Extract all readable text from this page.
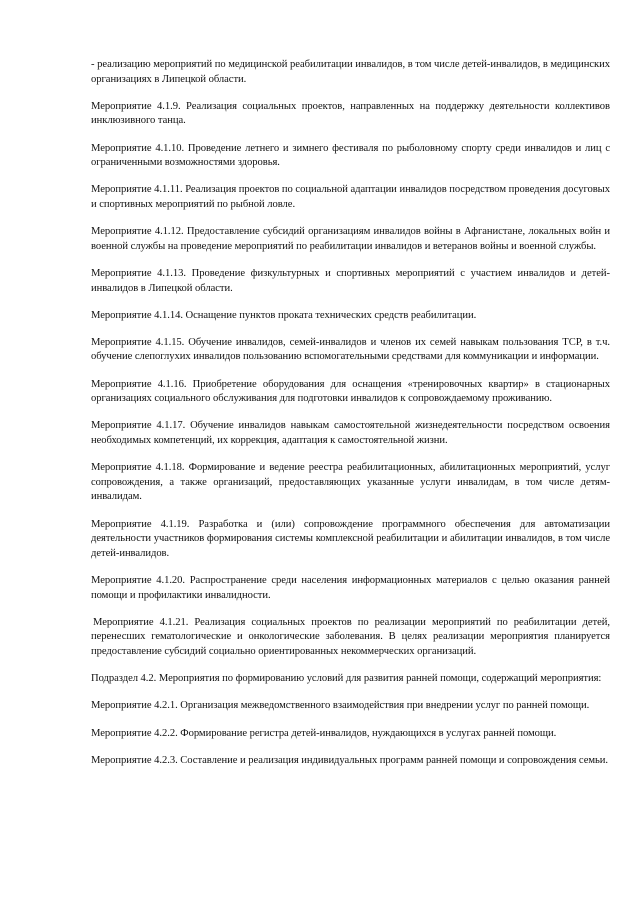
- реализацию мероприятий по медицинской реабилитации инвалидов, в том числе детей-инвалидов, в медицинских организациях в Липецкой области.

Мероприятие 4.1.9. Реализация социальных проектов, направленных на поддержку деятельности коллективов инклюзивного танца.

Мероприятие 4.1.10. Проведение летнего и зимнего фестиваля по рыболовному спорту среди инвалидов и лиц с ограниченными возможностями здоровья.

Мероприятие 4.1.11. Реализация проектов по социальной адаптации инвалидов посредством проведения досуговых и спортивных мероприятий по рыбной ловле.

Мероприятие 4.1.12. Предоставление субсидий организациям инвалидов войны в Афганистане, локальных войн и военной службы на проведение мероприятий по реабилитации инвалидов и ветеранов войны и военной службы.

Мероприятие 4.1.13. Проведение физкультурных и спортивных мероприятий с участием инвалидов и детей-инвалидов в Липецкой области.

Мероприятие 4.1.14. Оснащение пунктов проката технических средств реабилитации.

Мероприятие 4.1.15. Обучение инвалидов, семей-инвалидов и членов их семей навыкам пользования ТСР, в т.ч. обучение слепоглухих инвалидов пользованию вспомогательными средствами для коммуникации и информации.

Мероприятие 4.1.16. Приобретение оборудования для оснащения «тренировочных квартир» в стационарных организациях социального обслуживания для подготовки инвалидов к сопровождаемому проживанию.

Мероприятие 4.1.17. Обучение инвалидов навыкам самостоятельной жизнедеятельности посредством освоения необходимых компетенций, их коррекция, адаптация к самостоятельной жизни.

Мероприятие 4.1.18. Формирование и ведение реестра реабилитационных, абилитационных мероприятий, услуг сопровождения, а также организаций, предоставляющих указанные услуги инвалидам, в том числе детям-инвалидам.

Мероприятие 4.1.19. Разработка и (или) сопровождение программного обеспечения для автоматизации деятельности участников формирования системы комплексной реабилитации и абилитации инвалидов, в том числе детей-инвалидов.

Мероприятие 4.1.20. Распространение среди населения информационных материалов с целью оказания ранней помощи и профилактики инвалидности.

Мероприятие 4.1.21. Реализация социальных проектов по реализации мероприятий по реабилитации детей, перенесших гематологические и онкологические заболевания. В целях реализации мероприятия планируется предоставление субсидий социально ориентированных некоммерческих организаций.

Подраздел 4.2. Мероприятия по формированию условий для развития ранней помощи, содержащий мероприятия:

Мероприятие 4.2.1. Организация межведомственного взаимодействия при внедрении услуг по ранней помощи.

Мероприятие 4.2.2. Формирование регистра детей-инвалидов, нуждающихся в услугах ранней помощи.

Мероприятие 4.2.3. Составление и реализация индивидуальных программ ранней помощи и сопровождения семьи.
